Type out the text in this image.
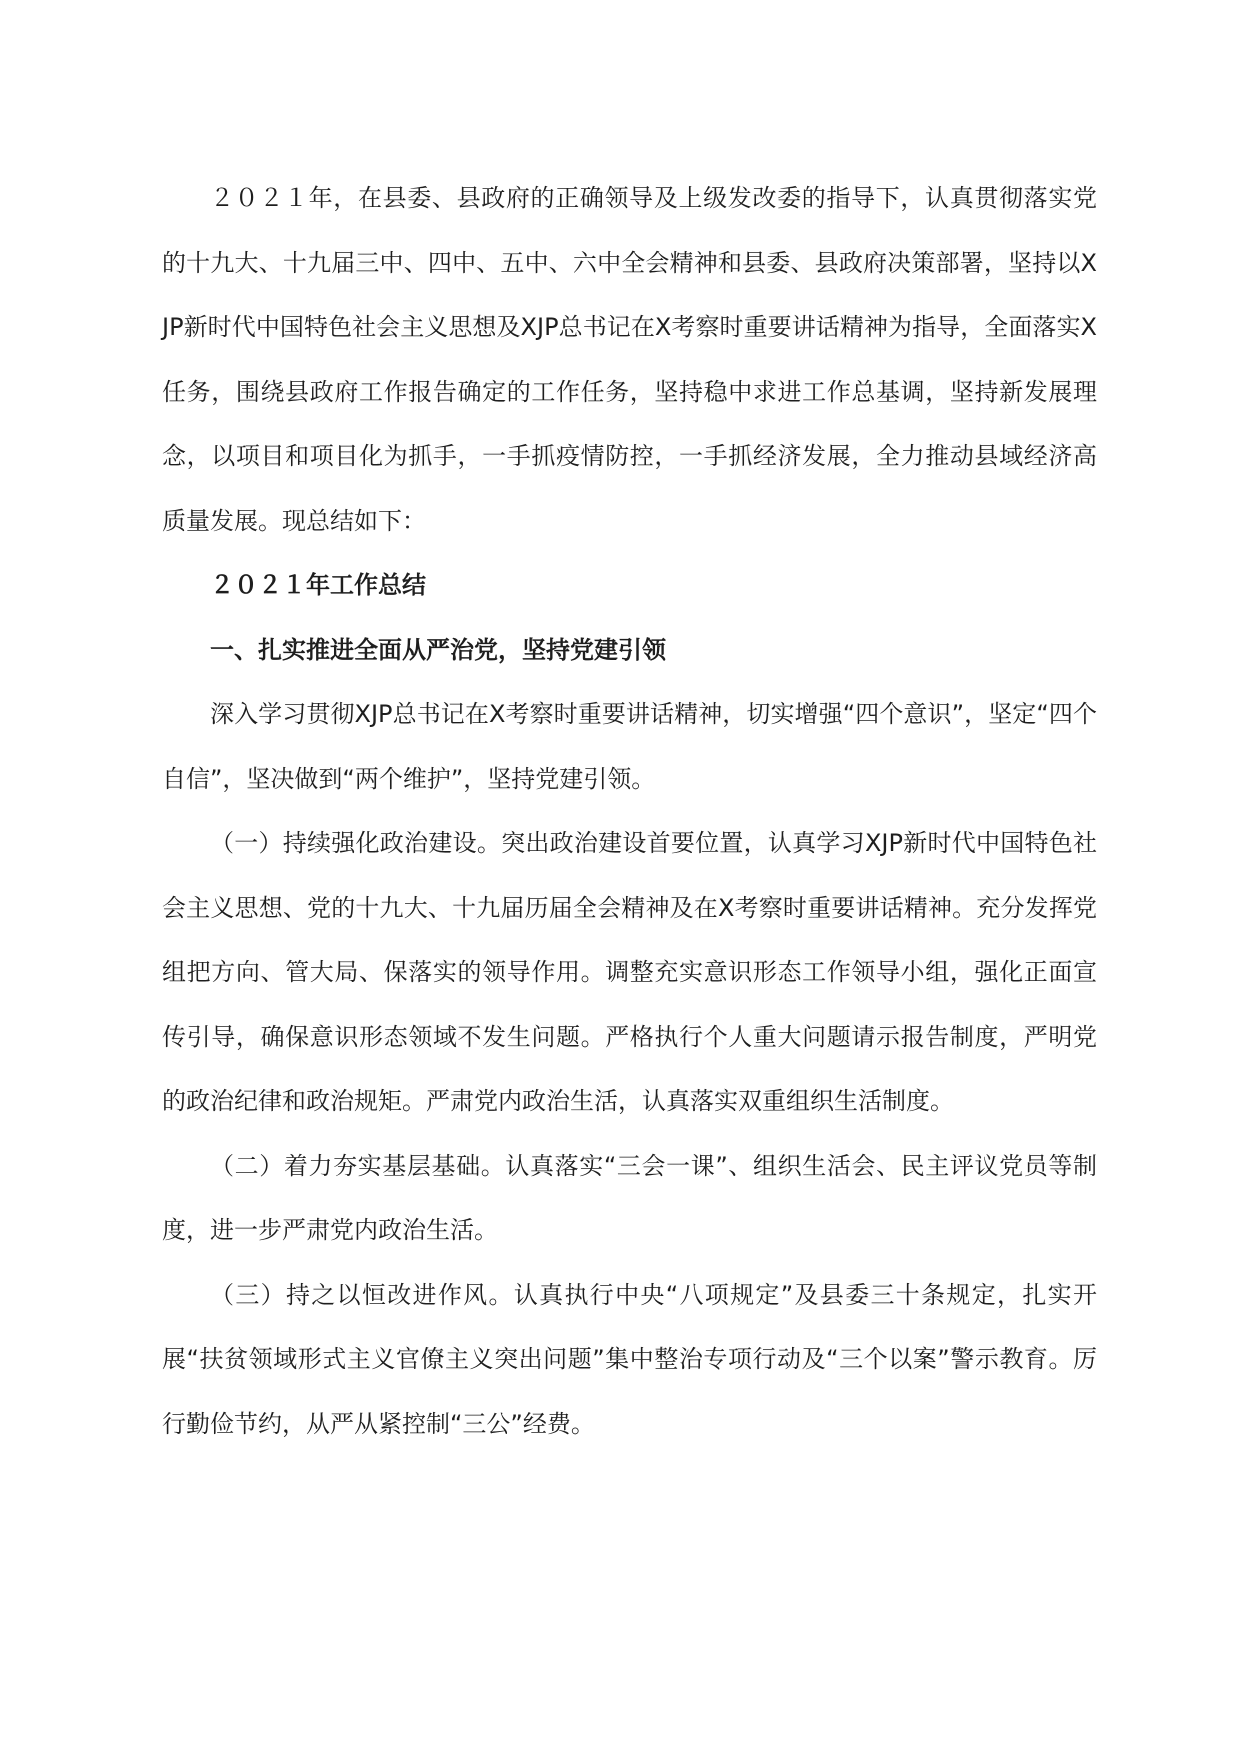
２０２１年，在县委、县政府的正确领导及上级发改委的指导下，认真贯彻落实党的十九大、十九届三中、四中、五中、六中全会精神和县委、县政府决策部署，坚持以XJP新时代中国特色社会主义思想及XJP总书记在X考察时重要讲话精神为指导，全面落实X任务，围绕县政府工作报告确定的工作任务，坚持稳中求进工作总基调，坚持新发展理念，以项目和项目化为抓手，一手抓疫情防控，一手抓经济发展，全力推动县域经济高质量发展。现总结如下：

２０２１年工作总结

一、扎实推进全面从严治党，坚持党建引领

深入学习贯彻XJP总书记在X考察时重要讲话精神，切实增强“四个意识”，坚定“四个自信”，坚决做到“两个维护”，坚持党建引领。

（一）持续强化政治建设。突出政治建设首要位置，认真学习XJP新时代中国特色社会主义思想、党的十九大、十九届历届全会精神及在X考察时重要讲话精神。充分发挥党组把方向、管大局、保落实的领导作用。调整充实意识形态工作领导小组，强化正面宣传引导，确保意识形态领域不发生问题。严格执行个人重大问题请示报告制度，严明党的政治纪律和政治规矩。严肃党内政治生活，认真落实双重组织生活制度。

（二）着力夯实基层基础。认真落实“三会一课”、组织生活会、民主评议党员等制度，进一步严肃党内政治生活。

（三）持之以恒改进作风。认真执行中央“八项规定”及县委三十条规定，扎实开展“扶贫领域形式主义官僚主义突出问题”集中整治专项行动及“三个以案”警示教育。厉行勤俭节约，从严从紧控制“三公”经费。
